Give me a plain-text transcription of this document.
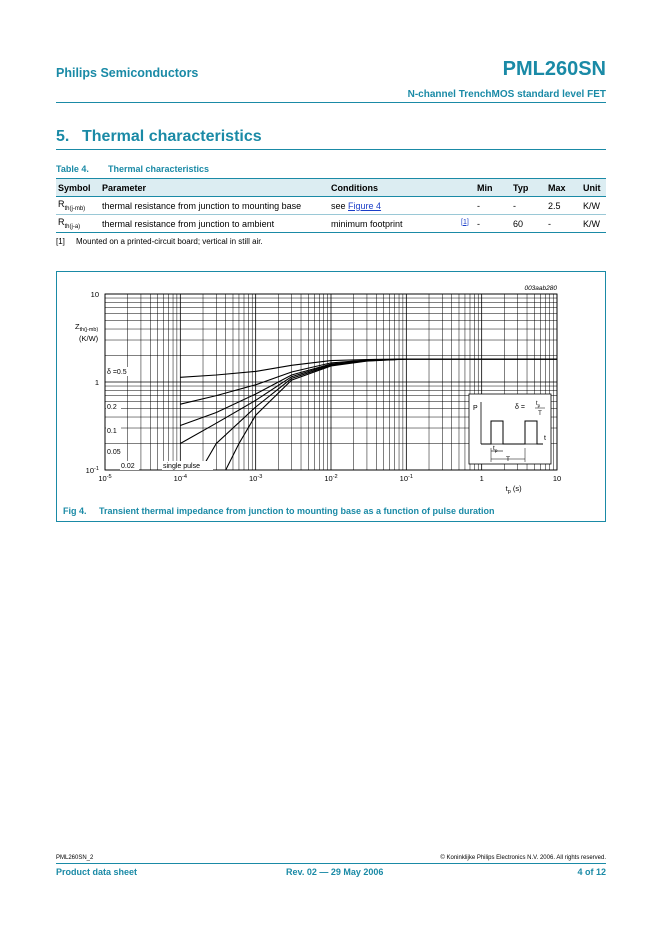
Philips Semiconductors	PML260SN
N-channel TrenchMOS standard level FET
5. Thermal characteristics
Table 4. Thermal characteristics
Symbol	Parameter	Conditions		Min	Typ	Max	Unit
$R_{th(j-mb)}$	thermal resistance from junction to mounting base	see Figure 4		-	-	2.5	K/W
$R_{th(j-a)}$	thermal resistance from junction to ambient	minimum footprint	[1]	-	60	-	K/W
[1] Mounted on a printed-circuit board; vertical in still air.
$10^{-5}$	$10^{-4}$	$10^{-3}$	$10^{-2}$	$10^{-1}$	1	10
10
1
$10^{-1}$
$Z_{th(j-mb)}$
(K/W)
$t_p$ (s)
003aab280
δ =0.5
0.2
0.1
0.05
0.02	single pulse
P
t
$t_p$
T
$\delta = t_p$
T
Fig 4. Transient thermal impedance from junction to mounting base as a function of pulse duration
PML260SN_2	© Koninklijke Philips Electronics N.V. 2006. All rights reserved.
Product data sheet	Rev. 02 — 29 May 2006	4 of 12
